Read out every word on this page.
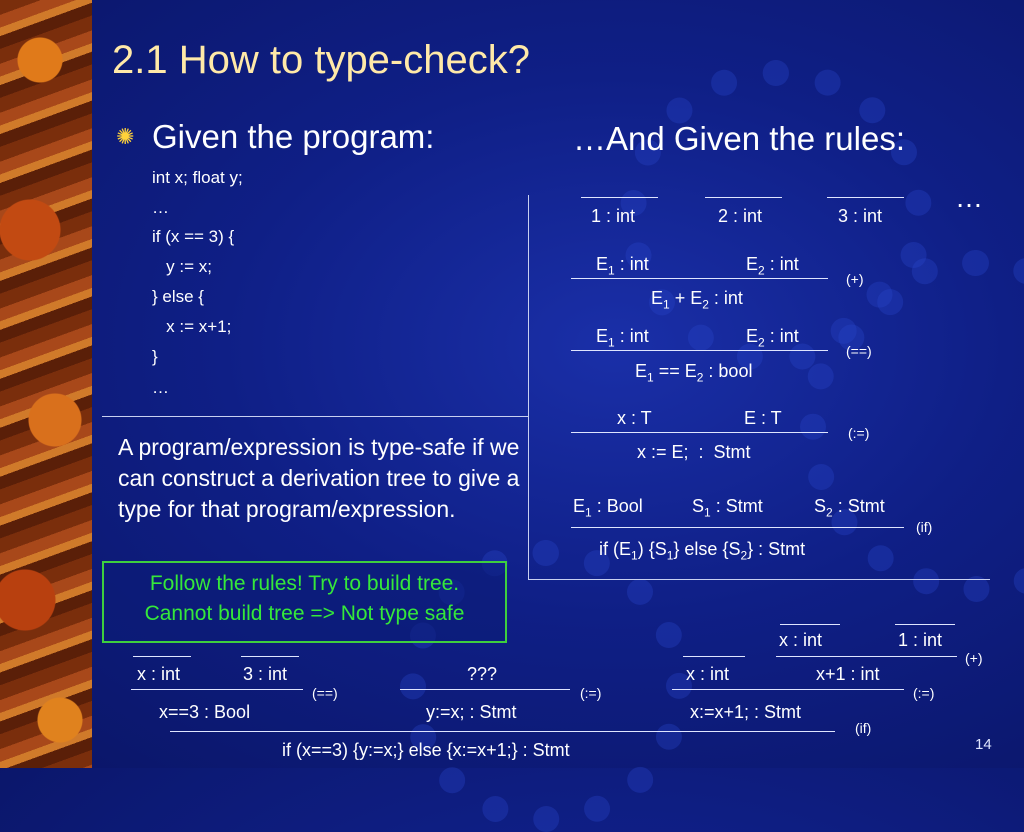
2.1 How to type-check?
✺ Given the program:
int x; float y;
…
if (x == 3) {
y := x;
} else {
x := x+1;
}
…
…And Given the rules:
…
1 : int	2 : int	3 : int
$E_1$ : int	$E_2$ : int
$E_1 + E_2$ : int
(+)
$E_1$ : int	$E_2$ : int
$E_1 == E_2$ : bool
(==)
x : T	E : T
x := E;  :  Stmt
(:=)
$E_1$ : Bool	$S_1$ : Stmt	$S_2$ : Stmt
if $(E_1)$ $\{S_1\}$ else $\{S_2\}$ : Stmt
(if)
A program/expression is type-safe if we can construct a derivation tree to give a type for that program/expression.
Follow the rules! Try to build tree.
Cannot build tree => Not type safe
x : int	3 : int
(==)
x==3 : Bool
???
(:=)
y:=x; : Stmt
x : int	1 : int
(+)
x : int	x+1 : int
(:=)
x:=x+1; : Stmt
(if)
if (x==3) {y:=x;} else {x:=x+1;} : Stmt	14
